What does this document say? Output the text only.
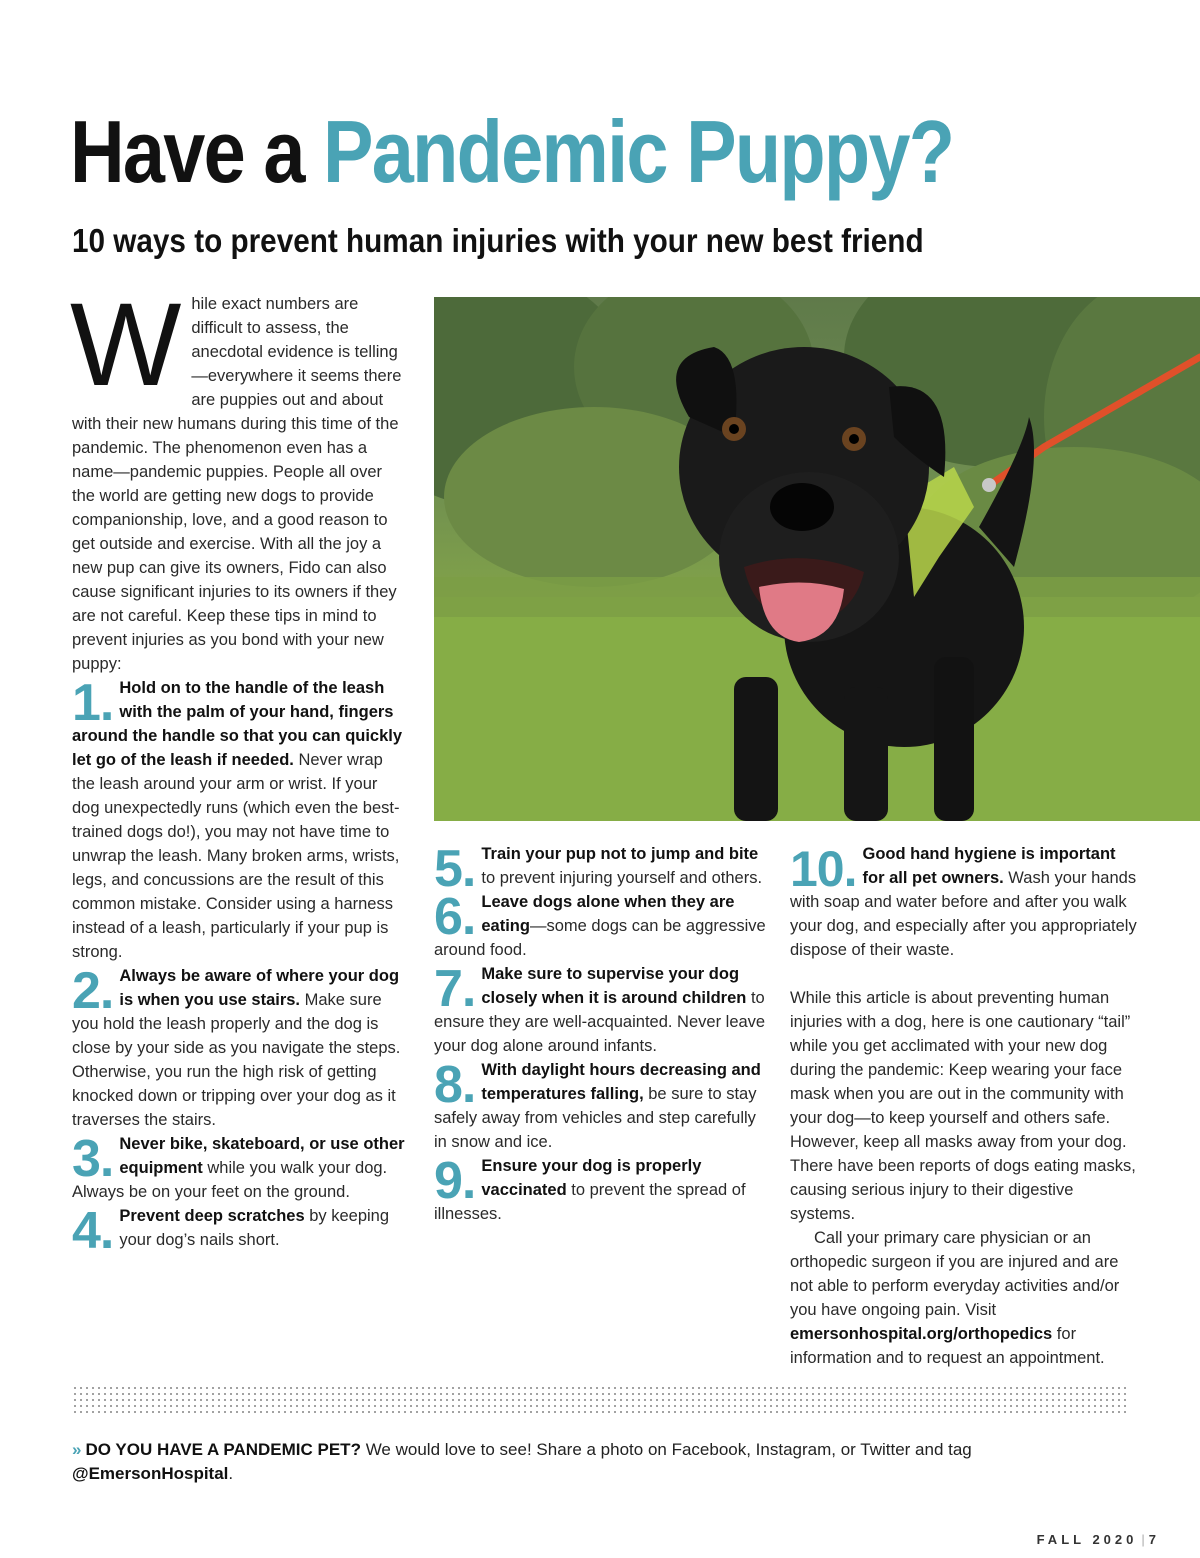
Have a Pandemic Puppy?
10 ways to prevent human injuries with your new best friend

While exact numbers are difficult to assess, the anecdotal evidence is telling—everywhere it seems there are puppies out and about with their new humans during this time of the pandemic. The phenomenon even has a name—pandemic puppies. People all over the world are getting new dogs to provide companionship, love, and a good reason to get outside and exercise. With all the joy a new pup can give its owners, Fido can also cause significant injuries to its owners if they are not careful. Keep these tips in mind to prevent injuries as you bond with your new puppy:

1. Hold on to the handle of the leash with the palm of your hand, fingers around the handle so that you can quickly let go of the leash if needed. Never wrap the leash around your arm or wrist. If your dog unexpectedly runs (which even the best-trained dogs do!), you may not have time to unwrap the leash. Many broken arms, wrists, legs, and concussions are the result of this common mistake. Consider using a harness instead of a leash, particularly if your pup is strong.

2. Always be aware of where your dog is when you use stairs. Make sure you hold the leash properly and the dog is close by your side as you navigate the steps. Otherwise, you run the high risk of getting knocked down or tripping over your dog as it traverses the stairs.

3. Never bike, skateboard, or use other equipment while you walk your dog. Always be on your feet on the ground.

4. Prevent deep scratches by keeping your dog’s nails short.

5. Train your pup not to jump and bite to prevent injuring yourself and others.

6. Leave dogs alone when they are eating—some dogs can be aggressive around food.

7. Make sure to supervise your dog closely when it is around children to ensure they are well-acquainted. Never leave your dog alone around infants.

8. With daylight hours decreasing and temperatures falling, be sure to stay safely away from vehicles and step carefully in snow and ice.

9. Ensure your dog is properly vaccinated to prevent the spread of illnesses.

10. Good hand hygiene is important for all pet owners. Wash your hands with soap and water before and after you walk your dog, and especially after you appropriately dispose of their waste.

While this article is about preventing human injuries with a dog, here is one cautionary “tail” while you get acclimated with your new dog during the pandemic: Keep wearing your face mask when you are out in the community with your dog—to keep yourself and others safe. However, keep all masks away from your dog. There have been reports of dogs eating masks, causing serious injury to their digestive systems.

Call your primary care physician or an orthopedic surgeon if you are injured and are not able to perform everyday activities and/or you have ongoing pain. Visit emersonhospital.org/orthopedics for information and to request an appointment.

» DO YOU HAVE A PANDEMIC PET? We would love to see! Share a photo on Facebook, Instagram, or Twitter and tag @EmersonHospital.
FALL 2020 | 7
